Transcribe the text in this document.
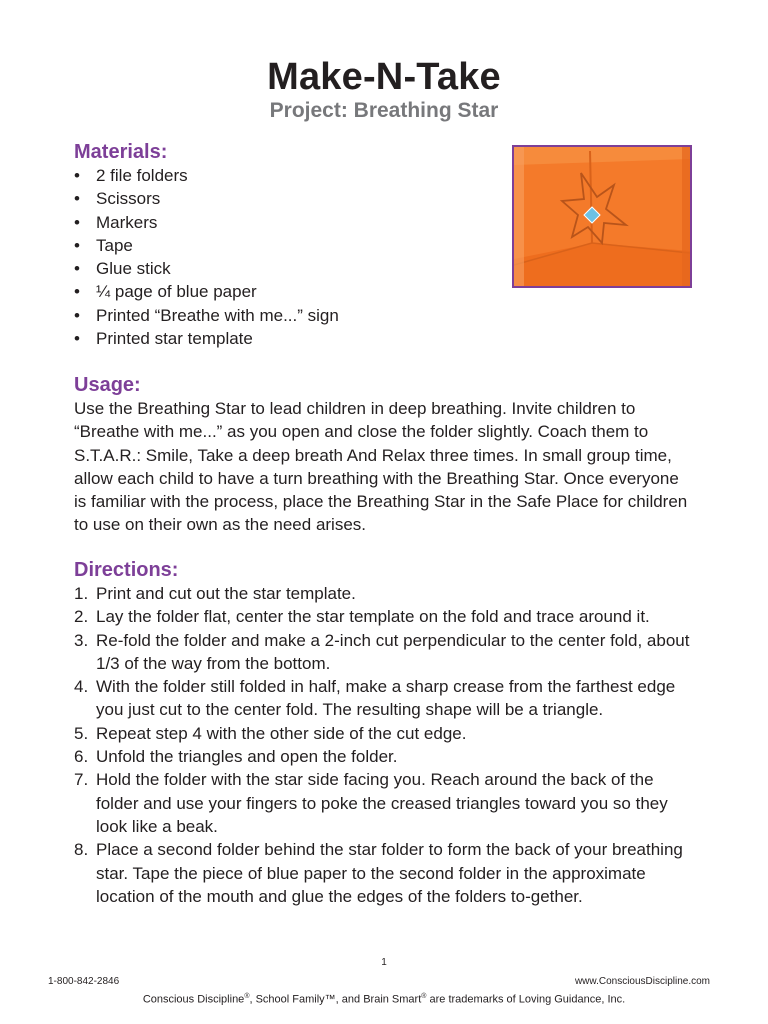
Make-N-Take
Project: Breathing Star
Materials:
• 2 file folders
• Scissors
• Markers
• Tape
• Glue stick
• ¼ page of blue paper
• Printed “Breathe with me...” sign
• Printed star template
Usage:

Use the Breathing Star to lead children in deep breathing. Invite children to “Breathe with me...” as you open and close the folder slightly. Coach them to S.T.A.R.: Smile, Take a deep breath And Relax three times. In small group time, allow each child to have a turn breathing with the Breathing Star. Once everyone is familiar with the process, place the Breathing Star in the Safe Place for children to use on their own as the need arises.

Directions:
1. Print and cut out the star template.
2. Lay the folder flat, center the star template on the fold and trace around it.
3. Re-fold the folder and make a 2-inch cut perpendicular to the center fold, about 1/3 of the way from the bottom.
4. With the folder still folded in half, make a sharp crease from the farthest edge you just cut to the center fold. The resulting shape will be a triangle.
5. Repeat step 4 with the other side of the cut edge.
6. Unfold the triangles and open the folder.
7. Hold the folder with the star side facing you. Reach around the back of the folder and use your fingers to poke the creased triangles toward you so they look like a beak.
8. Place a second folder behind the star folder to form the back of your breathing star. Tape the piece of blue paper to the second folder in the approximate location of the mouth and glue the edges of the folders to-gether.
1
1-800-842-2846	www.ConsciousDiscipline.com
Conscious Discipline®, School Family™, and Brain Smart® are trademarks of Loving Guidance, Inc.
